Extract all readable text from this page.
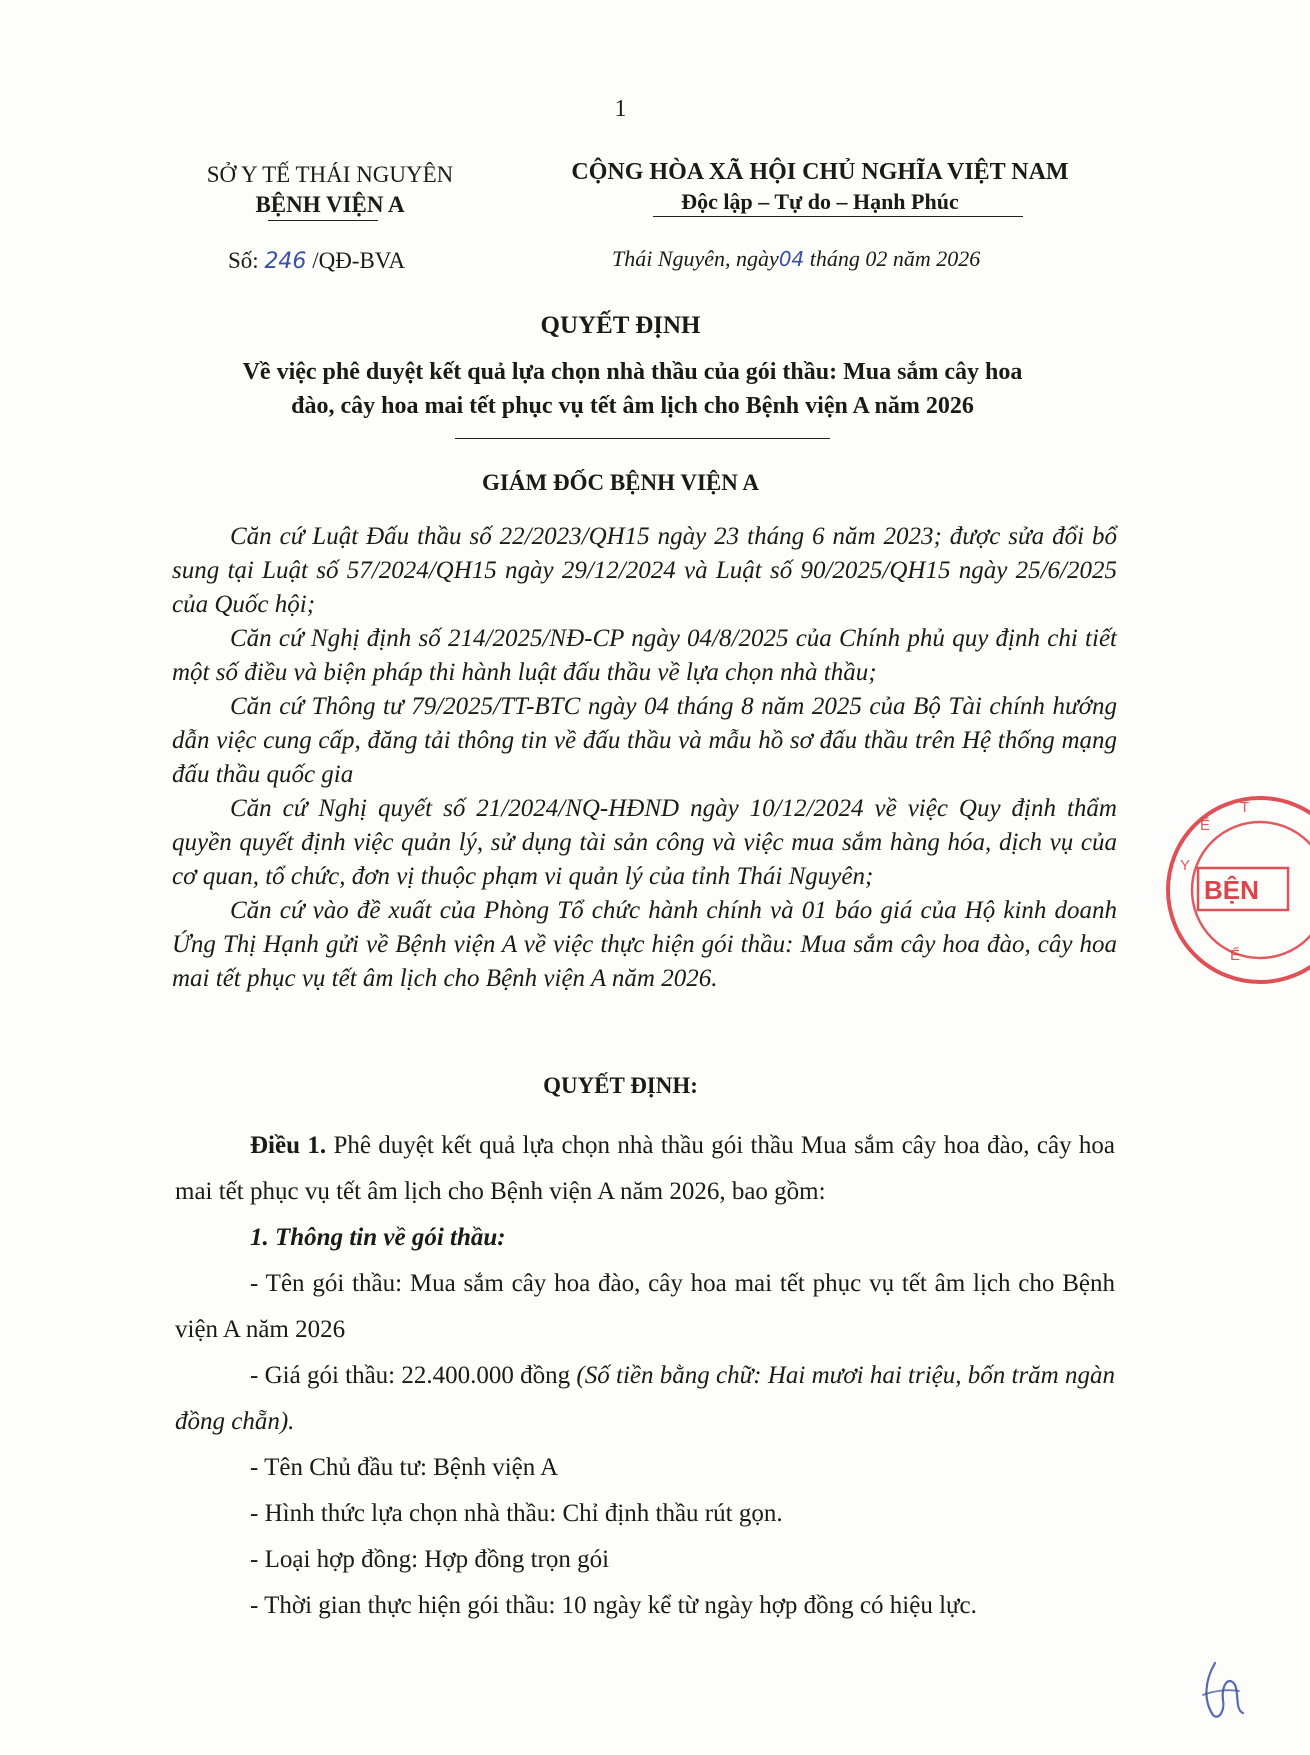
1
SỞ Y TẾ THÁI NGUYÊN
BỆNH VIỆN A
CỘNG HÒA XÃ HỘI CHỦ NGHĨA VIỆT NAM
Độc lập – Tự do – Hạnh Phúc
Số: 246 /QĐ-BVA	Thái Nguyên, ngày04 tháng 02 năm 2026
QUYẾT ĐỊNH
Về việc phê duyệt kết quả lựa chọn nhà thầu của gói thầu: Mua sắm cây hoa
đào, cây hoa mai tết phục vụ tết âm lịch cho Bệnh viện A năm 2026
GIÁM ĐỐC BỆNH VIỆN A

Căn cứ Luật Đấu thầu số 22/2023/QH15 ngày 23 tháng 6 năm 2023; được sửa đổi bổ sung tại Luật số 57/2024/QH15 ngày 29/12/2024 và Luật số 90/2025/QH15 ngày 25/6/2025 của Quốc hội;

Căn cứ Nghị định số 214/2025/NĐ-CP ngày 04/8/2025 của Chính phủ quy định chi tiết một số điều và biện pháp thi hành luật đấu thầu về lựa chọn nhà thầu;

Căn cứ Thông tư 79/2025/TT-BTC ngày 04 tháng 8 năm 2025 của Bộ Tài chính hướng dẫn việc cung cấp, đăng tải thông tin về đấu thầu và mẫu hồ sơ đấu thầu trên Hệ thống mạng đấu thầu quốc gia

Căn cứ Nghị quyết số 21/2024/NQ-HĐND ngày 10/12/2024 về việc Quy định thẩm quyền quyết định việc quản lý, sử dụng tài sản công và việc mua sắm hàng hóa, dịch vụ của cơ quan, tổ chức, đơn vị thuộc phạm vi quản lý của tỉnh Thái Nguyên;

Căn cứ vào đề xuất của Phòng Tổ chức hành chính và 01 báo giá của Hộ kinh doanh Ứng Thị Hạnh gửi về Bệnh viện A về việc thực hiện gói thầu: Mua sắm cây hoa đào, cây hoa mai tết phục vụ tết âm lịch cho Bệnh viện A năm 2026.

QUYẾT ĐỊNH:

Điều 1. Phê duyệt kết quả lựa chọn nhà thầu gói thầu Mua sắm cây hoa đào, cây hoa mai tết phục vụ tết âm lịch cho Bệnh viện A năm 2026, bao gồm:

1. Thông tin về gói thầu:

- Tên gói thầu: Mua sắm cây hoa đào, cây hoa mai tết phục vụ tết âm lịch cho Bệnh viện A năm 2026

- Giá gói thầu: 22.400.000 đồng (Số tiền bằng chữ: Hai mươi hai triệu, bốn trăm ngàn đồng chẵn).

- Tên Chủ đầu tư: Bệnh viện A

- Hình thức lựa chọn nhà thầu: Chỉ định thầu rút gọn.

- Loại hợp đồng: Hợp đồng trọn gói

- Thời gian thực hiện gói thầu: 10 ngày kể từ ngày hợp đồng có hiệu lực.

BỆN
Y
Ế
T
Ế
